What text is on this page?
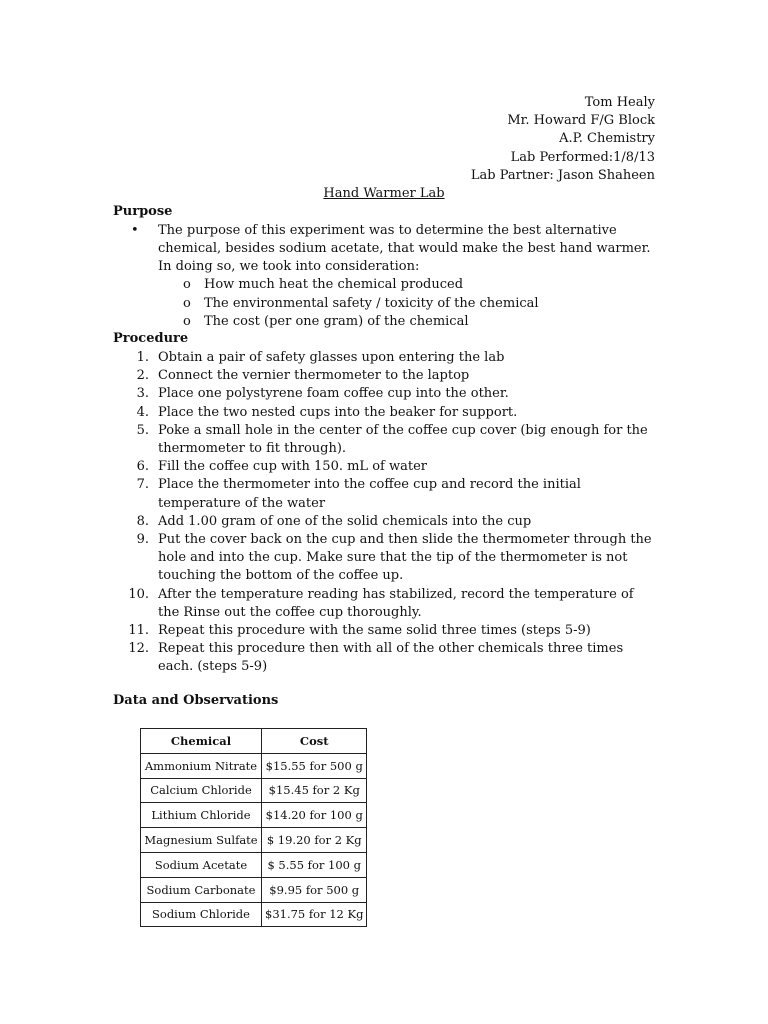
Tom Healy
Mr. Howard F/G Block
A.P. Chemistry
Lab Performed:1/8/13
Lab Partner: Jason Shaheen
Hand Warmer Lab
Purpose
• The purpose of this experiment was to determine the best alternative chemical, besides sodium acetate, that would make the best hand warmer. In doing so, we took into consideration:
o How much heat the chemical produced
o The environmental safety / toxicity of the chemical
o The cost (per one gram) of the chemical
Procedure
1. Obtain a pair of safety glasses upon entering the lab
2. Connect the vernier thermometer to the laptop
3. Place one polystyrene foam coffee cup into the other.
4. Place the two nested cups into the beaker for support.
5. Poke a small hole in the center of the coffee cup cover (big enough for the thermometer to fit through).
6. Fill the coffee cup with 150. mL of water
7. Place the thermometer into the coffee cup and record the initial temperature of the water
8. Add 1.00 gram of one of the solid chemicals into the cup
9. Put the cover back on the cup and then slide the thermometer through the hole and into the cup. Make sure that the tip of the thermometer is not touching the bottom of the coffee up.
10. After the temperature reading has stabilized, record the temperature of the Rinse out the coffee cup thoroughly.
11. Repeat this procedure with the same solid three times (steps 5-9)
12. Repeat this procedure then with all of the other chemicals three times each. (steps 5-9)
Data and Observations
Chemical	Cost
Ammonium Nitrate	$15.55 for 500 g
Calcium Chloride	$15.45 for 2 Kg
Lithium Chloride	$14.20 for 100 g
Magnesium Sulfate	$ 19.20 for 2 Kg
Sodium Acetate	$ 5.55 for 100 g
Sodium Carbonate	$9.95 for 500 g
Sodium Chloride	$31.75 for 12 Kg
